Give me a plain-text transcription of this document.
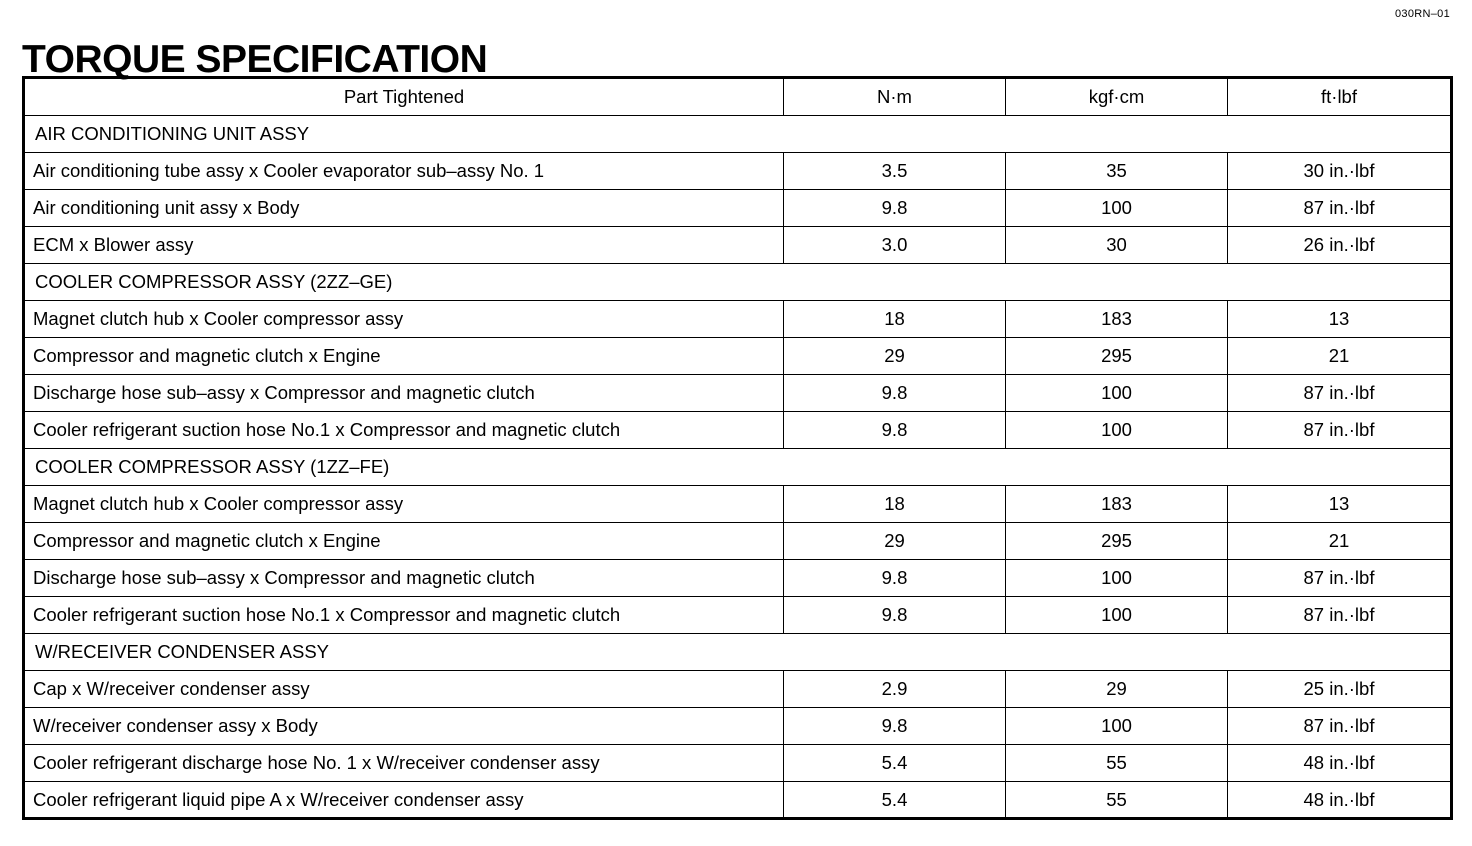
030RN–01
TORQUE SPECIFICATION
Part Tightened	N·m	kgf·cm	ft·lbf
AIR CONDITIONING UNIT ASSY			
Air conditioning tube assy x Cooler evaporator sub–assy No. 1	3.5	35	30 in.·lbf
Air conditioning unit assy x Body	9.8	100	87 in.·lbf
ECM x Blower assy	3.0	30	26 in.·lbf
COOLER COMPRESSOR ASSY (2ZZ–GE)			
Magnet clutch hub x Cooler compressor assy	18	183	13
Compressor and magnetic clutch x Engine	29	295	21
Discharge hose sub–assy x Compressor and magnetic clutch	9.8	100	87 in.·lbf
Cooler refrigerant suction hose No.1 x Compressor and magnetic clutch	9.8	100	87 in.·lbf
COOLER COMPRESSOR ASSY (1ZZ–FE)			
Magnet clutch hub x Cooler compressor assy	18	183	13
Compressor and magnetic clutch x Engine	29	295	21
Discharge hose sub–assy x Compressor and magnetic clutch	9.8	100	87 in.·lbf
Cooler refrigerant suction hose No.1 x Compressor and magnetic clutch	9.8	100	87 in.·lbf
W/RECEIVER CONDENSER ASSY			
Cap x W/receiver condenser assy	2.9	29	25 in.·lbf
W/receiver condenser assy x Body	9.8	100	87 in.·lbf
Cooler refrigerant discharge hose No. 1 x W/receiver condenser assy	5.4	55	48 in.·lbf
Cooler refrigerant liquid pipe A x W/receiver condenser assy	5.4	55	48 in.·lbf
